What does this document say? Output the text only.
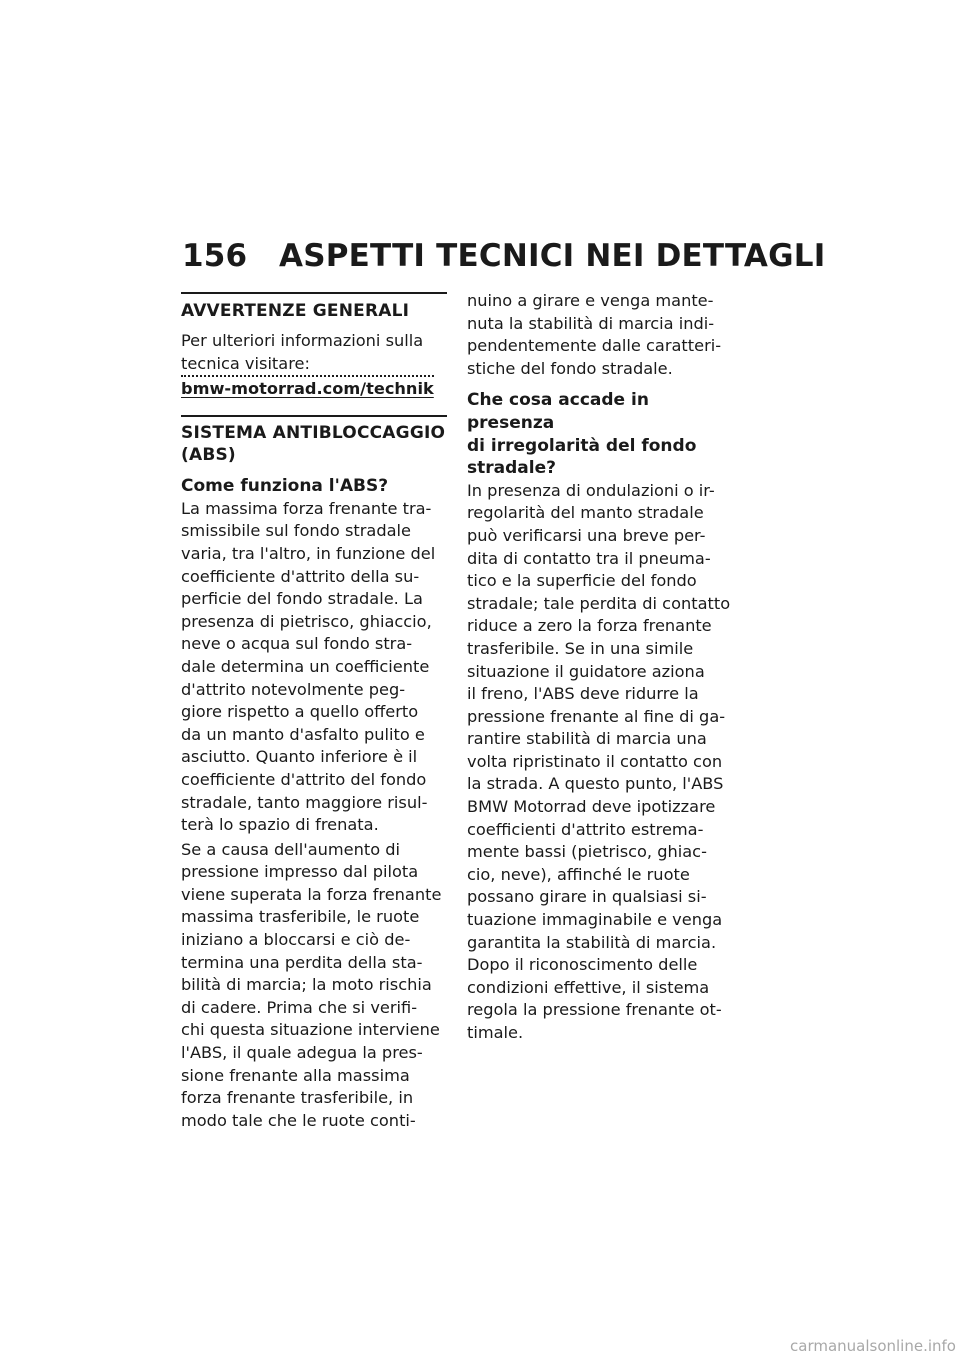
156 ASPETTI TECNICI NEI DETTAGLI
AVVERTENZE GENERALI
Per ulteriori informazioni sulla
tecnica visitare:
bmw-motorrad.com/technik
SISTEMA ANTIBLOCCAGGIO
(ABS)
Come funziona l'ABS?
La massima forza frenante tra-
smissibile sul fondo stradale
varia, tra l'altro, in funzione del
coefficiente d'attrito della su-
perficie del fondo stradale. La
presenza di pietrisco, ghiaccio,
neve o acqua sul fondo stra-
dale determina un coefficiente
d'attrito notevolmente peg-
giore rispetto a quello offerto
da un manto d'asfalto pulito e
asciutto. Quanto inferiore è il
coefficiente d'attrito del fondo
stradale, tanto maggiore risul-
terà lo spazio di frenata.
Se a causa dell'aumento di
pressione impresso dal pilota
viene superata la forza frenante
massima trasferibile, le ruote
iniziano a bloccarsi e ciò de-
termina una perdita della sta-
bilità di marcia; la moto rischia
di cadere. Prima che si verifi-
chi questa situazione interviene
l'ABS, il quale adegua la pres-
sione frenante alla massima
forza frenante trasferibile, in
modo tale che le ruote conti-
nuino a girare e venga mante-
nuta la stabilità di marcia indi-
pendentemente dalle caratteri-
stiche del fondo stradale.
Che cosa accade in presenza
di irregolarità del fondo
stradale?
In presenza di ondulazioni o ir-
regolarità del manto stradale
può verificarsi una breve per-
dita di contatto tra il pneuma-
tico e la superficie del fondo
stradale; tale perdita di contatto
riduce a zero la forza frenante
trasferibile. Se in una simile
situazione il guidatore aziona
il freno, l'ABS deve ridurre la
pressione frenante al fine di ga-
rantire stabilità di marcia una
volta ripristinato il contatto con
la strada. A questo punto, l'ABS
BMW Motorrad deve ipotizzare
coefficienti d'attrito estrema-
mente bassi (pietrisco, ghiac-
cio, neve), affinché le ruote
possano girare in qualsiasi si-
tuazione immaginabile e venga
garantita la stabilità di marcia.
Dopo il riconoscimento delle
condizioni effettive, il sistema
regola la pressione frenante ot-
timale.
carmanualsonline.info
